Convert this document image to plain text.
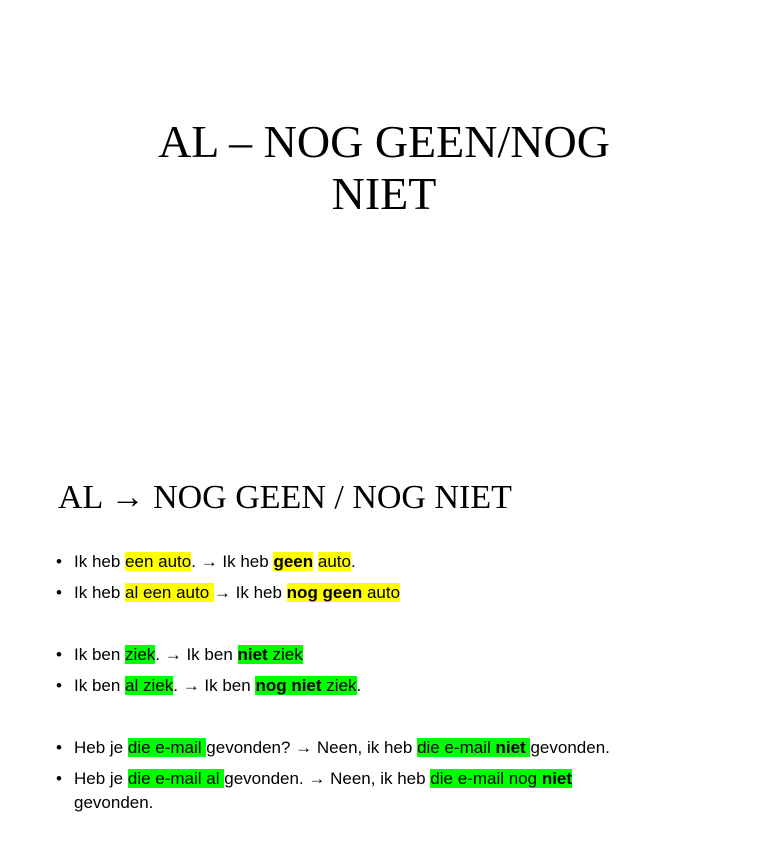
AL – NOG GEEN/NOG
NIET
AL → NOG GEEN / NOG NIET
• Ik heb een auto. → Ik heb geen auto.
• Ik heb al een auto → Ik heb nog geen auto
• Ik ben ziek. → Ik ben niet ziek
• Ik ben al ziek. → Ik ben nog niet ziek.
• Heb je die e-mail gevonden? → Neen, ik heb die e-mail niet gevonden.
• Heb je die e-mail al gevonden. → Neen, ik heb die e-mail nog niet
gevonden.
